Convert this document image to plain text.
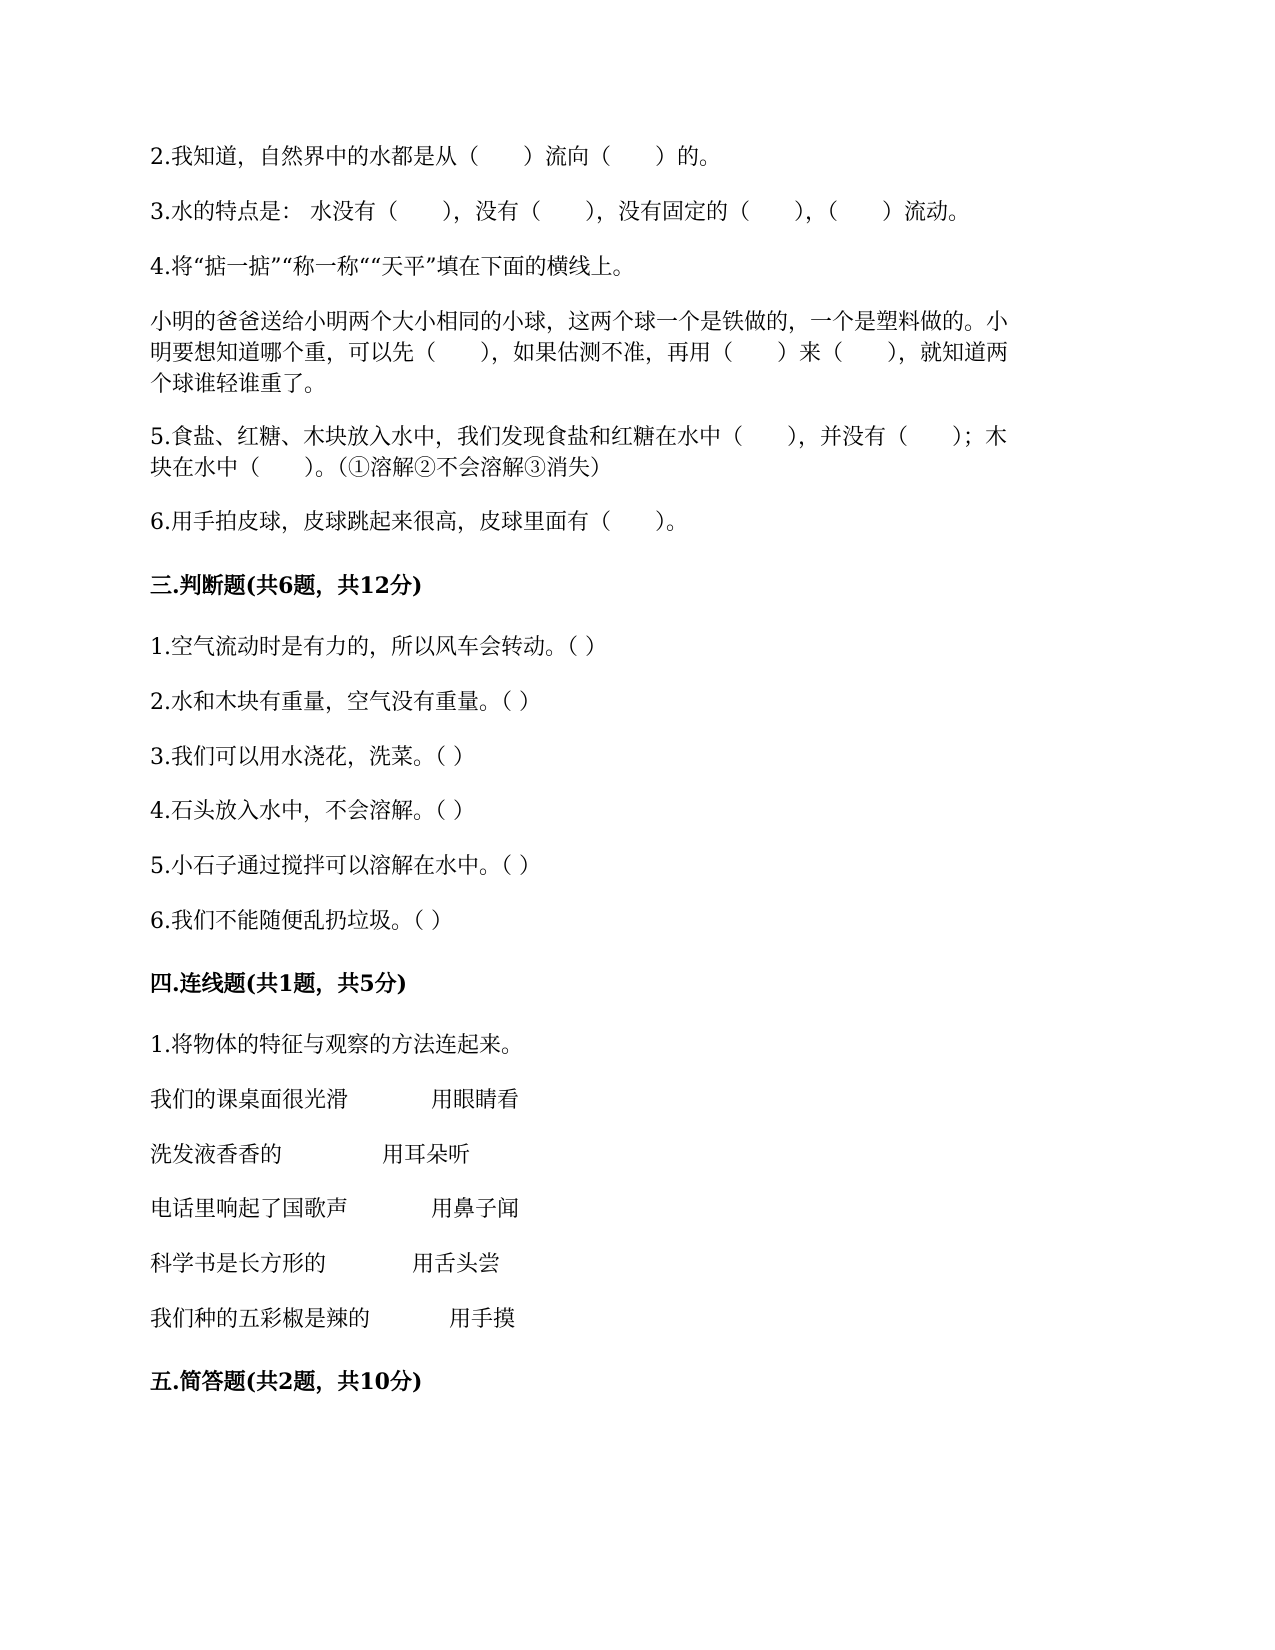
2.我知道，自然界中的水都是从（　　）流向（　　）的。
3.水的特点是： 水没有（　　），没有（　　），没有固定的（　　），（　　）流动。
4.将“掂一掂”“称一称““天平”填在下面的横线上。
小明的爸爸送给小明两个大小相同的小球，这两个球一个是铁做的，一个是塑料做的。小
明要想知道哪个重，可以先（　　），如果估测不准，再用（　　）来（　　），就知道两
个球谁轻谁重了。
5.食盐、红糖、木块放入水中，我们发现食盐和红糖在水中（　　），并没有（　　）；木
块在水中（　　）。（①溶解②不会溶解③消失）
6.用手拍皮球，皮球跳起来很高，皮球里面有（　　）。
三.判断题(共6题，共12分)
1.空气流动时是有力的，所以风车会转动。（ ）
2.水和木块有重量，空气没有重量。（ ）
3.我们可以用水浇花，洗菜。（ ）
4.石头放入水中，不会溶解。（ ）
5.小石子通过搅拌可以溶解在水中。（ ）
6.我们不能随便乱扔垃圾。（ ）
四.连线题(共1题，共5分)
1.将物体的特征与观察的方法连起来。
我们的课桌面很光滑	用眼睛看
洗发液香香的	用耳朵听
电话里响起了国歌声	用鼻子闻
科学书是长方形的	用舌头尝
我们种的五彩椒是辣的	用手摸
五.简答题(共2题，共10分)
